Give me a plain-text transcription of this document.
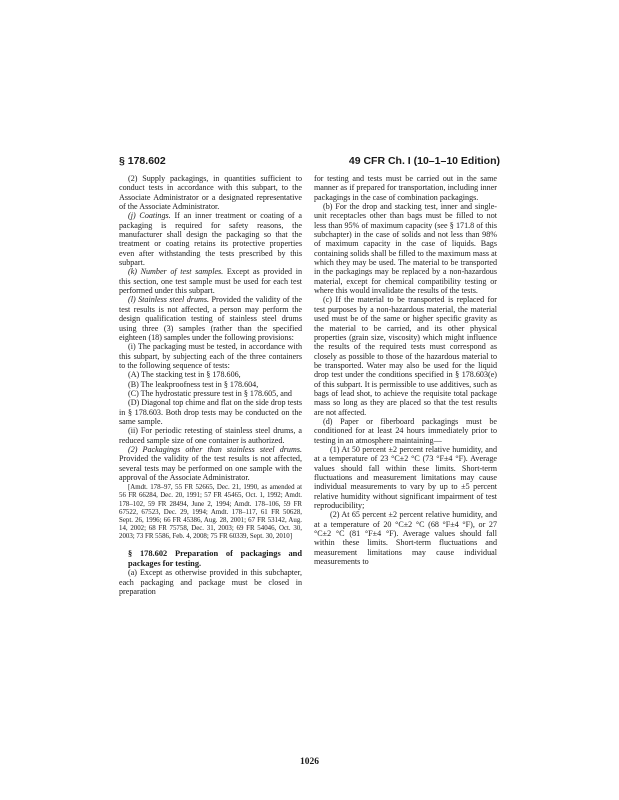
§ 178.602	49 CFR Ch. I (10–1–10 Edition)

(2) Supply packagings, in quantities sufficient to conduct tests in accordance with this subpart, to the Associate Administrator or a designated representative of the Associate Administrator.

(j) Coatings. If an inner treatment or coating of a packaging is required for safety reasons, the manufacturer shall design the packaging so that the treatment or coating retains its protective properties even after withstanding the tests prescribed by this subpart.

(k) Number of test samples. Except as provided in this section, one test sample must be used for each test performed under this subpart.

(l) Stainless steel drums. Provided the validity of the test results is not affected, a person may perform the design qualification testing of stainless steel drums using three (3) samples (rather than the specified eighteen (18) samples under the following provisions:

(i) The packaging must be tested, in accordance with this subpart, by subjecting each of the three containers to the following sequence of tests:

(A) The stacking test in § 178.606,

(B) The leakproofness test in § 178.604,

(C) The hydrostatic pressure test in § 178.605, and

(D) Diagonal top chime and flat on the side drop tests in § 178.603. Both drop tests may be conducted on the same sample.

(ii) For periodic retesting of stainless steel drums, a reduced sample size of one container is authorized.

(2) Packagings other than stainless steel drums. Provided the validity of the test results is not affected, several tests may be performed on one sample with the approval of the Associate Administrator.

[Amdt. 178–97, 55 FR 52665, Dec. 21, 1990, as amended at 56 FR 66284, Dec. 20, 1991; 57 FR 45465, Oct. 1, 1992; Amdt. 178–102, 59 FR 28494, June 2, 1994; Amdt. 178–106, 59 FR 67522, 67523, Dec. 29, 1994; Amdt. 178–117, 61 FR 50628, Sept. 26, 1996; 66 FR 45386, Aug. 28, 2001; 67 FR 53142, Aug. 14, 2002; 68 FR 75758, Dec. 31, 2003; 69 FR 54046, Oct. 30, 2003; 73 FR 5586, Feb. 4, 2008; 75 FR 60339, Sept. 30, 2010]

§ 178.602 Preparation of packagings and packages for testing.

(a) Except as otherwise provided in this subchapter, each packaging and package must be closed in preparation

for testing and tests must be carried out in the same manner as if prepared for transportation, including inner packagings in the case of combination packagings.

(b) For the drop and stacking test, inner and single-unit receptacles other than bags must be filled to not less than 95% of maximum capacity (see § 171.8 of this subchapter) in the case of solids and not less than 98% of maximum capacity in the case of liquids. Bags containing solids shall be filled to the maximum mass at which they may be used. The material to be transported in the packagings may be replaced by a non-hazardous material, except for chemical compatibility testing or where this would invalidate the results of the tests.

(c) If the material to be transported is replaced for test purposes by a non-hazardous material, the material used must be of the same or higher specific gravity as the material to be carried, and its other physical properties (grain size, viscosity) which might influence the results of the required tests must correspond as closely as possible to those of the hazardous material to be transported. Water may also be used for the liquid drop test under the conditions specified in § 178.603(e) of this subpart. It is permissible to use additives, such as bags of lead shot, to achieve the requisite total package mass so long as they are placed so that the test results are not affected.

(d) Paper or fiberboard packagings must be conditioned for at least 24 hours immediately prior to testing in an atmosphere maintaining—

(1) At 50 percent ±2 percent relative humidity, and at a temperature of 23 °C±2 °C (73 °F±4 °F). Average values should fall within these limits. Short-term fluctuations and measurement limitations may cause individual measurements to vary by up to ±5 percent relative humidity without significant impairment of test reproducibility;

(2) At 65 percent ±2 percent relative humidity, and at a temperature of 20 °C±2 °C (68 °F±4 °F), or 27 °C±2 °C (81 °F±4 °F). Average values should fall within these limits. Short-term fluctuations and measurement limitations may cause individual measurements to

1026
